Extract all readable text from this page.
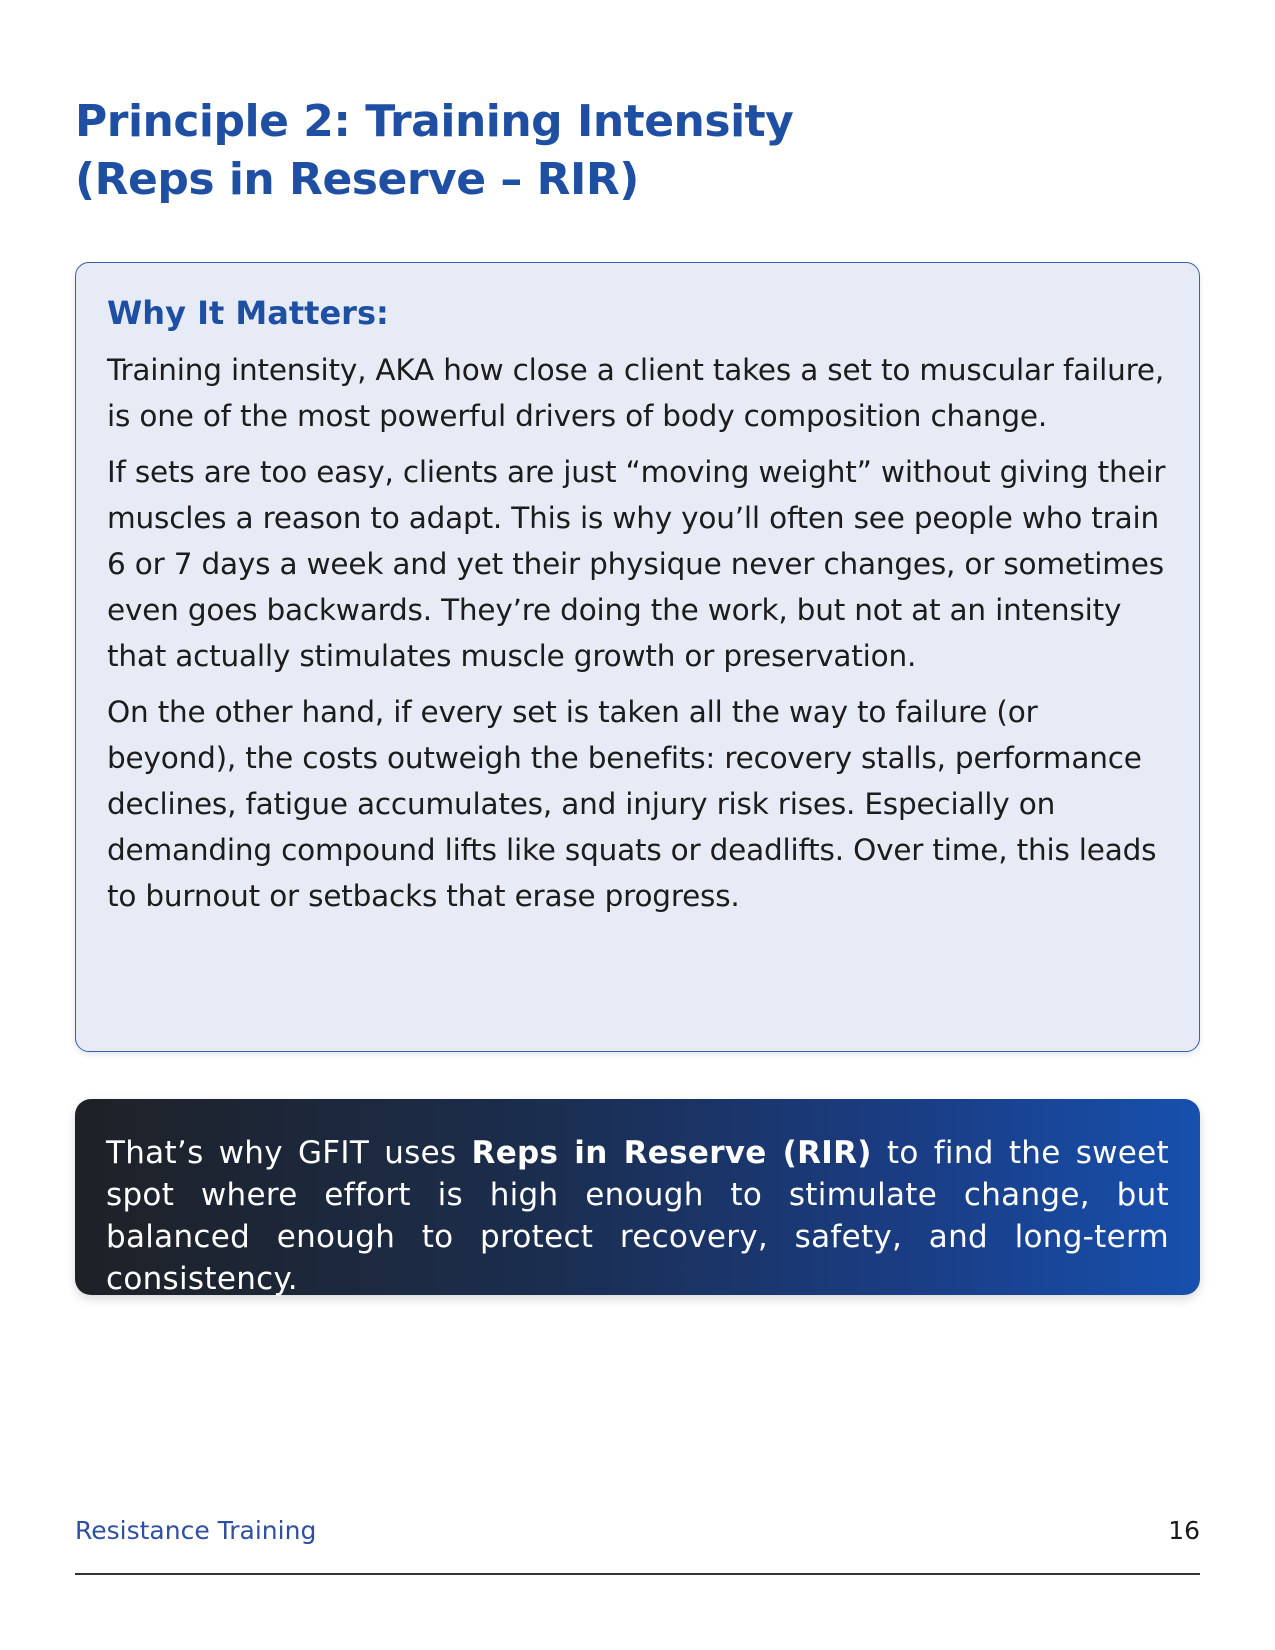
Principle 2: Training Intensity
(Reps in Reserve – RIR)
Why It Matters:

Training intensity, AKA how close a client takes a set to muscular failure, is one of the most powerful drivers of body composition change.

If sets are too easy, clients are just “moving weight” without giving their muscles a reason to adapt. This is why you’ll often see people who train 6 or 7 days a week and yet their physique never changes, or sometimes even goes backwards. They’re doing the work, but not at an intensity that actually stimulates muscle growth or preservation.

On the other hand, if every set is taken all the way to failure (or beyond), the costs outweigh the benefits: recovery stalls, performance declines, fatigue accumulates, and injury risk rises. Especially on demanding compound lifts like squats or deadlifts. Over time, this leads to burnout or setbacks that erase progress.

That’s why GFIT uses Reps in Reserve (RIR) to find the sweet spot where effort is high enough to stimulate change, but balanced enough to protect recovery, safety, and long-term consistency.

Resistance Training	16
